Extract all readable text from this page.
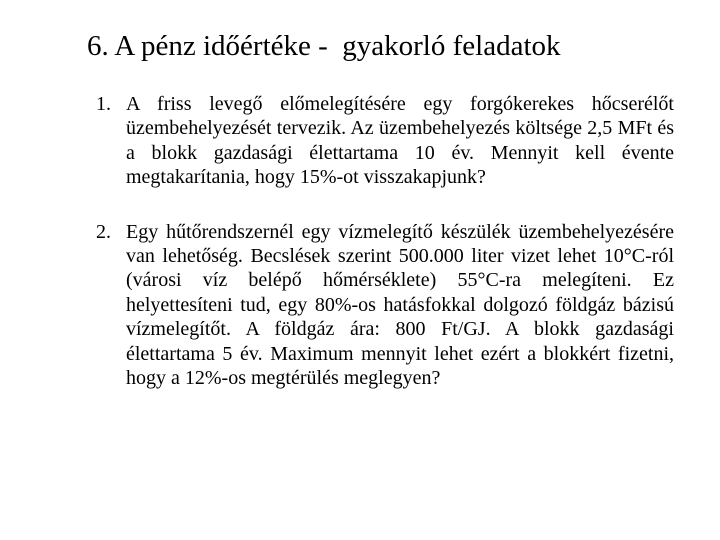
6. A pénz időértéke -  gyakorló feladatok
1. A friss levegő előmelegítésére egy forgókerekes hőcserélőt üzembehelyezését tervezik. Az üzembehelyezés költsége 2,5 MFt és a blokk gazdasági élettartama 10 év. Mennyit kell évente megtakarítania, hogy 15%-ot visszakapjunk?
2. Egy hűtőrendszernél egy vízmelegítő készülék üzembehelyezésére van lehetőség. Becslések szerint 500.000 liter vizet lehet 10°C-ról (városi víz belépő hőmérséklete) 55°C-ra melegíteni. Ez helyettesíteni tud, egy 80%-os hatásfokkal dolgozó földgáz bázisú vízmelegítőt. A földgáz ára: 800 Ft/GJ. A blokk gazdasági élettartama 5 év. Maximum mennyit lehet ezért a blokkért fizetni, hogy a 12%-os megtérülés meglegyen?
